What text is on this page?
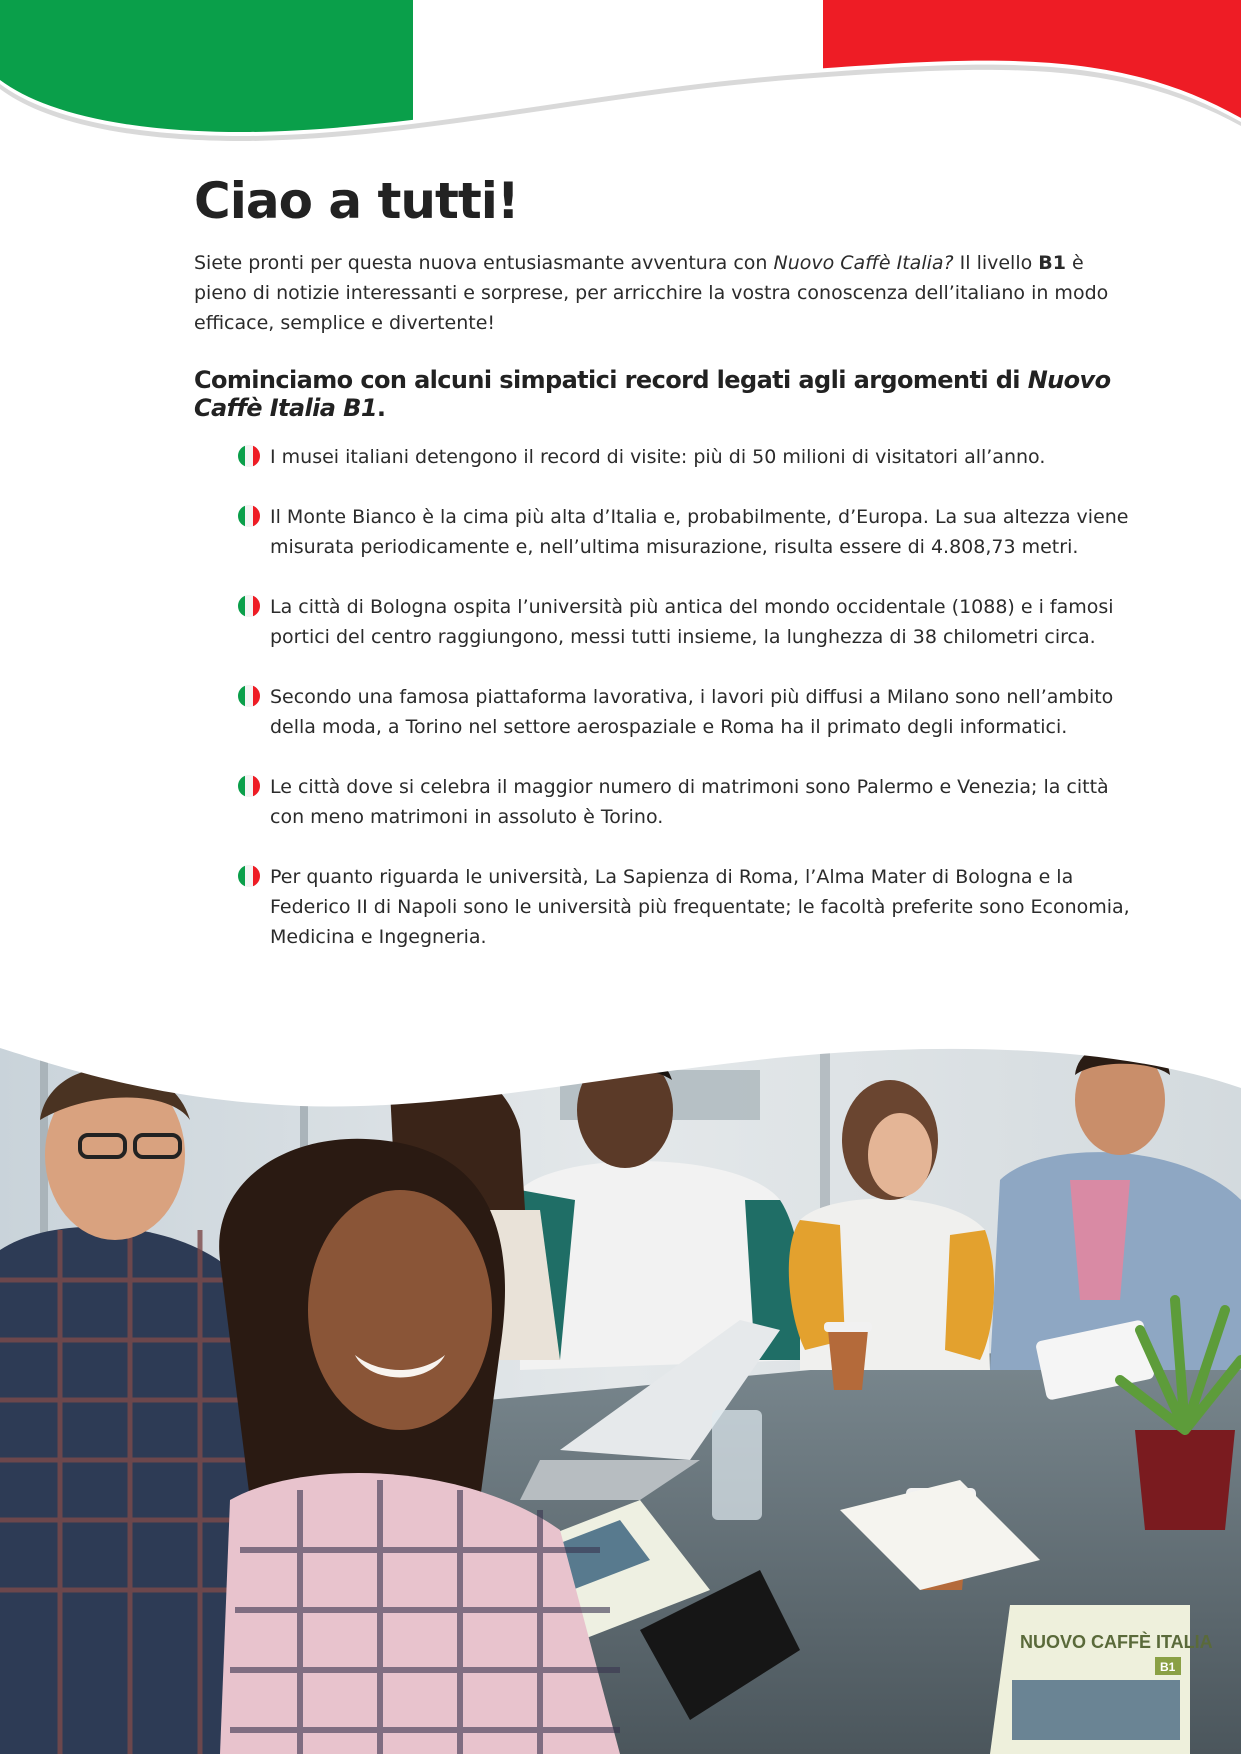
Ciao a tutti!

Siete pronti per questa nuova entusiasmante avventura con Nuovo Caffè Italia? Il livello B1 è pieno di notizie interessanti e sorprese, per arricchire la vostra conoscenza dell’italiano in modo efficace, semplice e divertente!

Cominciamo con alcuni simpatici record legati agli argomenti di Nuovo Caffè Italia B1.
I musei italiani detengono il record di visite: più di 50 milioni di visitatori all’anno.
Il Monte Bianco è la cima più alta d’Italia e, probabilmente, d’Europa. La sua altezza viene misurata periodicamente e, nell’ultima misurazione, risulta essere di 4.808,73 metri.
La città di Bologna ospita l’università più antica del mondo occidentale (1088) e i famosi portici del centro raggiungono, messi tutti insieme, la lunghezza di 38 chilometri circa.
Secondo una famosa piattaforma lavorativa, i lavori più diffusi a Milano sono nell’ambito della moda, a Torino nel settore aerospaziale e Roma ha il primato degli informatici.
Le città dove si celebra il maggior numero di matrimoni sono Palermo e Venezia; la città con meno matrimoni in assoluto è Torino.
Per quanto riguarda le università, La Sapienza di Roma, l’Alma Mater di Bologna e la Federico II di Napoli sono le università più frequentate; le facoltà preferite sono Economia, Medicina e Ingegneria.
NUOVO CAFFÈ ITALIA
B1
